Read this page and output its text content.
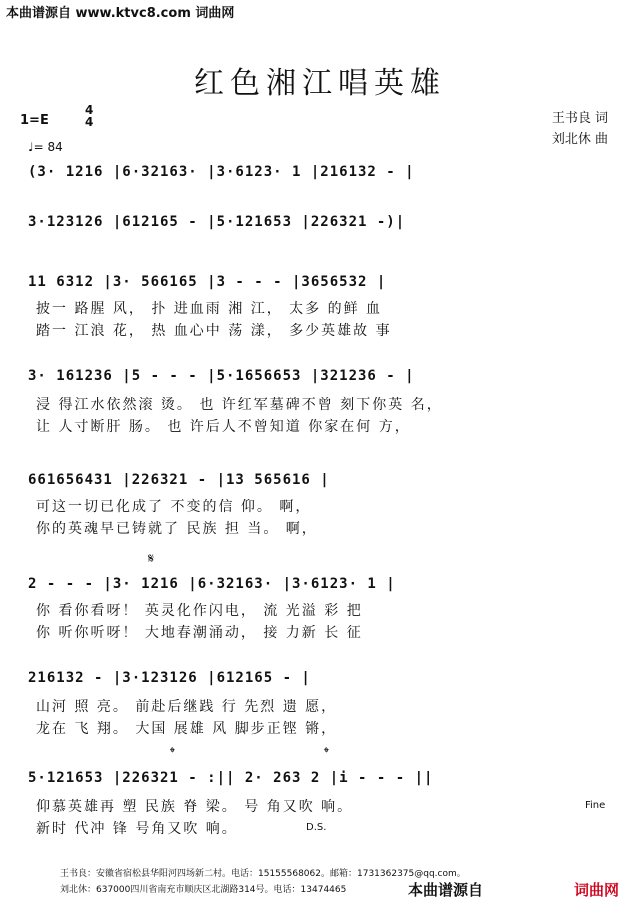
本曲谱源自 www.ktvc8.com 词曲网
红色湘江唱英雄
1=E
4
4
♩= 84
王书良 词
刘北休 曲
(3· 1216 |6·32163· |3·6123· 1 |216132 - |
3·123126 |612165 - |5·121653 |226321 -)|
11 6312 |3· 566165 |3 - - - |3656532 |
披一 路腥 风， 扑 进血雨 湘 江， 太多 的鲜 血
踏一 江浪 花， 热 血心中 荡 漾， 多少英雄故 事
3· 161236 |5 - - - |5·1656653 |321236 - |
浸 得江水依然滚 烫。 也 许红军墓碑不曾 刻下你英 名，
让 人寸断肝 肠。 也 许后人不曾知道 你家在何 方，
661656431 |226321 - |13 565616 |
可这一切已化成了 不变的信 仰。 啊，
你的英魂早已铸就了 民族 担 当。 啊，
𝄋
2 - - - |3· 1216 |6·32163· |3·6123· 1 |
你 看你看呀！ 英灵化作闪电， 流 光溢 彩 把
你 听你听呀！ 大地春潮涌动， 接 力新 长 征
216132 - |3·123126 |612165 - |
山河 照 亮。 前赴后继践 行 先烈 遗 愿，
龙在 飞 翔。 大国 展雄 风 脚步正铿 锵，
𝄌	𝄌
5·121653 |226321 - :|| 2· 263 2 |i - - - ||
仰慕英雄再 塑 民族 脊 梁。 号 角又吹 响。
新时 代冲 锋 号角又吹 响。
Fine
D.S.
王书良：安徽省宿松县华阳河四场新二村。电话：15155568062。邮箱：1731362375@qq.com。
刘北休：637000四川省南充市顺庆区北湖路314号。电话：13474465	本曲谱源自	词曲网
